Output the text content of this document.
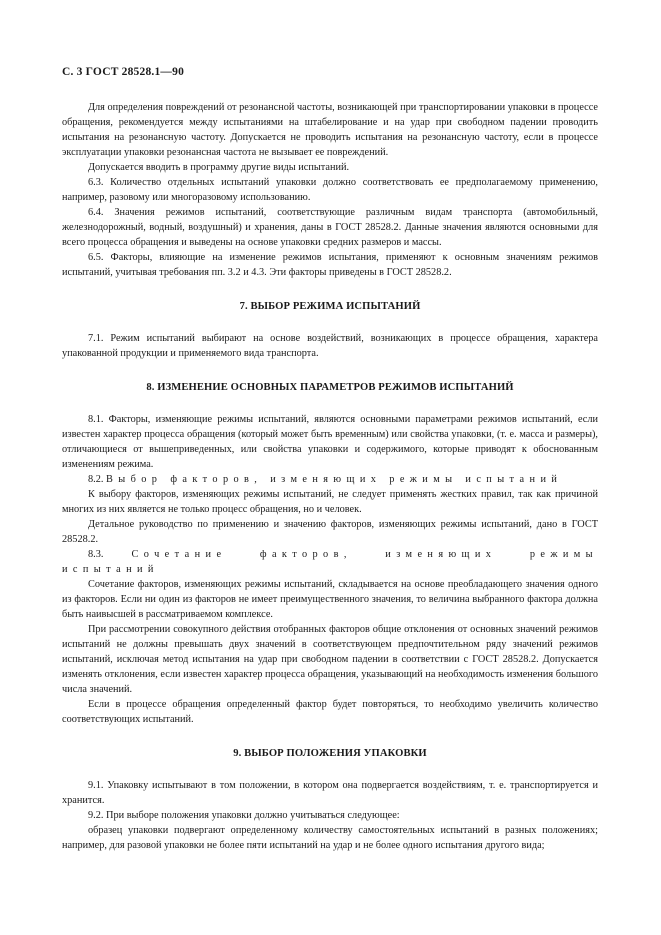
С. 3 ГОСТ 28528.1—90

Для определения повреждений от резонансной частоты, возникающей при транспортировании упаковки в процессе обращения, рекомендуется между испытаниями на штабелирование и на удар при свободном падении проводить испытания на резонансную частоту. Допускается не проводить испытания на резонансную частоту, если в процессе эксплуатации упаковки резонансная частота не вызывает ее повреждений.

Допускается вводить в программу другие виды испытаний.

6.3. Количество отдельных испытаний упаковки должно соответствовать ее предполагаемому применению, например, разовому или многоразовому использованию.

6.4. Значения режимов испытаний, соответствующие различным видам транспорта (автомобильный, железнодорожный, водный, воздушный) и хранения, даны в ГОСТ 28528.2. Данные значения являются основными для всего процесса обращения и выведены на основе упаковки средних размеров и массы.

6.5. Факторы, влияющие на изменение режимов испытания, применяют к основным значениям режимов испытаний, учитывая требования пп. 3.2 и 4.3. Эти факторы приведены в ГОСТ 28528.2.

7. ВЫБОР РЕЖИМА ИСПЫТАНИЙ

7.1. Режим испытаний выбирают на основе воздействий, возникающих в процессе обращения, характера упакованной продукции и применяемого вида транспорта.

8. ИЗМЕНЕНИЕ ОСНОВНЫХ ПАРАМЕТРОВ РЕЖИМОВ ИСПЫТАНИЙ

8.1. Факторы, изменяющие режимы испытаний, являются основными параметрами режимов испытаний, если известен характер процесса обращения (который может быть временным) или свойства упаковки, (т. е. масса и размеры), отличающиеся от вышеприведенных, или свойства упаковки и содержимого, которые приводят к обоснованным изменениям режима.

8.2. Выбор факторов, изменяющих режимы испытаний

К выбору факторов, изменяющих режимы испытаний, не следует применять жестких правил, так как причиной многих из них является не только процесс обращения, но и человек.

Детальное руководство по применению и значению факторов, изменяющих режимы испытаний, дано в ГОСТ 28528.2.

8.3.	Сочетание факторов, изменяющих режимы испытаний

Сочетание факторов, изменяющих режимы испытаний, складывается на основе преобладающего значения одного из факторов. Если ни один из факторов не имеет преимущественного значения, то величина выбранного фактора должна быть наивысшей в рассматриваемом комплексе.

При рассмотрении совокупного действия отобранных факторов общие отклонения от основных значений режимов испытаний не должны превышать двух значений в соответствующем предпочтительном ряду значений режимов испытаний, исключая метод испытания на удар при свободном падении в соответствии с ГОСТ 28528.2. Допускается изменять отклонения, если известен характер процесса обращения, указывающий на необходимость изменения большого числа значений.

Если в процессе обращения определенный фактор будет повторяться, то необходимо увеличить количество соответствующих испытаний.

9. ВЫБОР ПОЛОЖЕНИЯ УПАКОВКИ

9.1. Упаковку испытывают в том положении, в котором она подвергается воздействиям, т. е. транспортируется и хранится.

9.2. При выборе положения упаковки должно учитываться следующее:

образец упаковки подвергают определенному количеству самостоятельных испытаний в разных положениях; например, для разовой упаковки не более пяти испытаний на удар и не более одного испытания другого вида;
